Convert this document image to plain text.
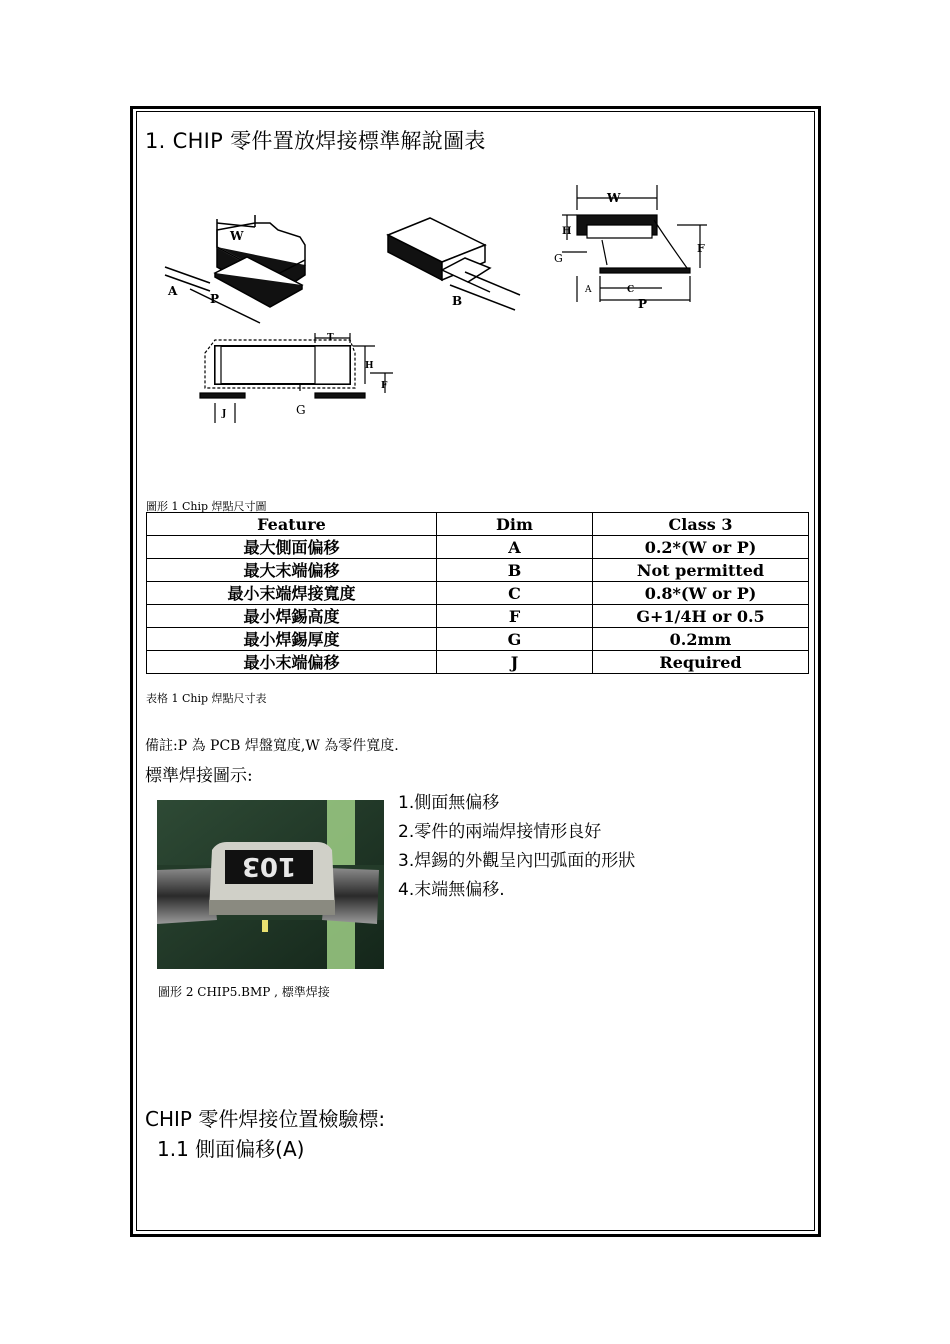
1. CHIP 零件置放焊接標準解說圖表
W
A
P	B
W
H
G
F
A	C
P
T
H
F
J	G
圖形 1 Chip 焊點尺寸圖
Feature	Dim	Class 3
最大側面偏移	A	0.2*(W or P)
最大末端偏移	B	Not permitted
最小末端焊接寬度	C	0.8*(W or P)
最小焊錫高度	F	G+1/4H or 0.5
最小焊錫厚度	G	0.2mm
最小末端偏移	J	Required
表格 1 Chip 焊點尺寸表
備註:P 為 PCB 焊盤寬度,W 為零件寬度.
標準焊接圖示:
103
圖形 2 CHIP5.BMP , 標準焊接
1.側面無偏移
2.零件的兩端焊接情形良好
3.焊錫的外觀呈內凹弧面的形狀
4.末端無偏移.
CHIP 零件焊接位置檢驗標:
1.1 側面偏移(A)
